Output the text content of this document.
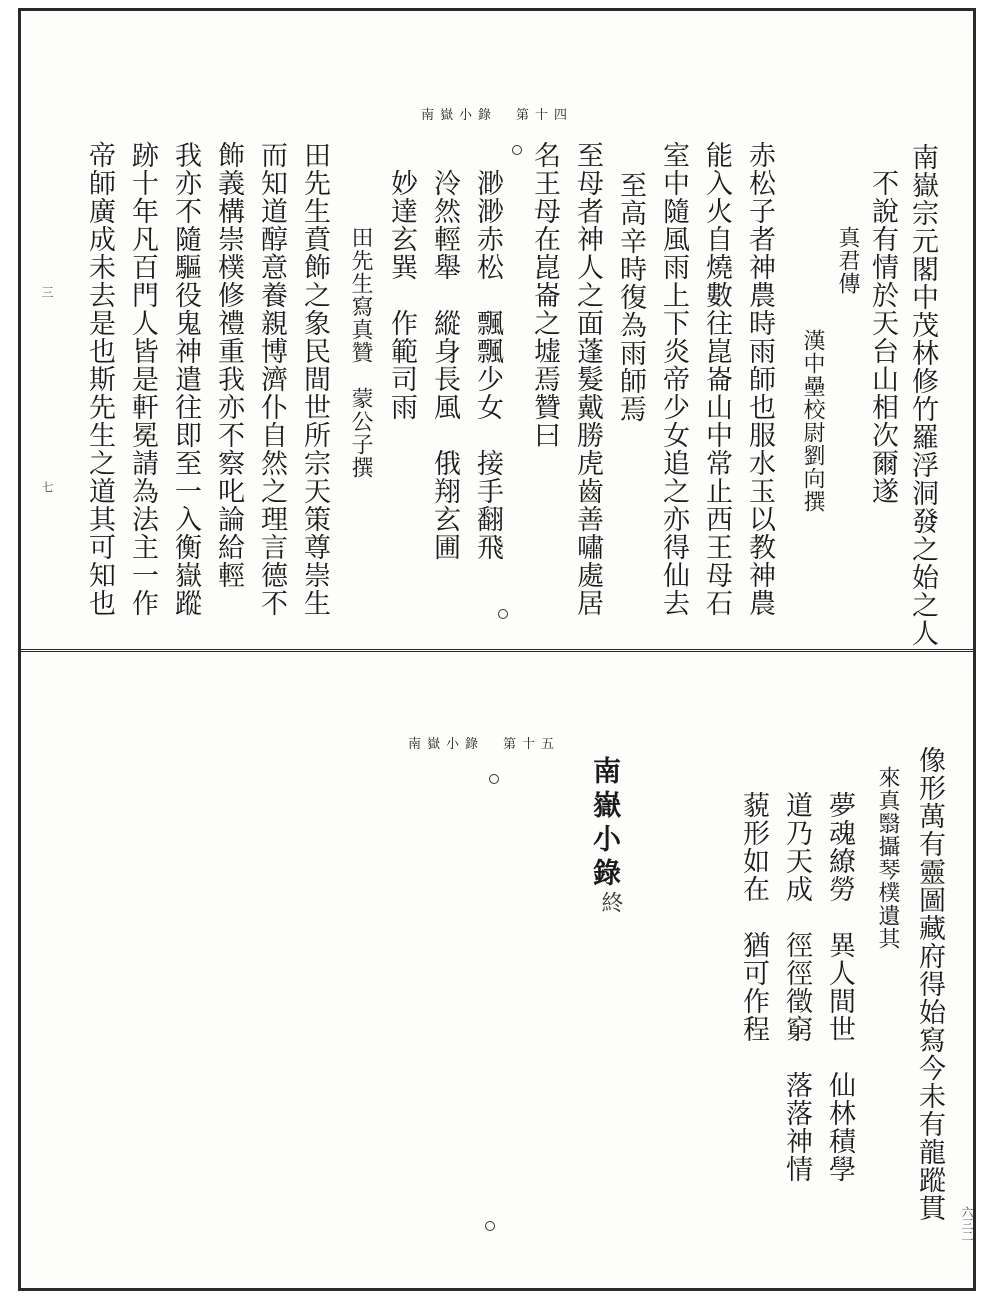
南嶽小錄　第十四
南嶽宗元閣中茂林修竹羅浮洞發之始之人
不說有情於天台山相次爾遂
真君傳
漢中壘校尉劉向撰
赤松子者神農時雨師也服水玉以教神農
能入火自燒數往崑崙山中常止西王母石
室中隨風雨上下炎帝少女追之亦得仙去
至高辛時復為雨師焉
至母者神人之面蓬髮戴勝虎齒善嘯處居
名王母在崑崙之墟焉贊曰
渺渺赤松　飄飄少女　接手翻飛
泠然輕舉　縱身長風　俄翔玄圃
妙達玄巽　作範司雨
田先生寫真贊　蒙公子撰
田先生賁飾之象民間世所宗天策尊崇生
而知道醇意養親博濟仆自然之理言德不
飾義構崇樸修禮重我亦不察叱論給輕
我亦不隨驅役鬼神遣往即至一入衡嶽蹤
跡十年凡百門人皆是軒冕請為法主一作
帝師廣成未去是也斯先生之道其可知也
三
七
南嶽小錄　第十五
像形萬有靈圖藏府得始寫今未有龍蹤貫
來真翳攝琴樸遺其
夢魂繚勞　異人間世　仙林積學
道乃天成　徑徑徵窮　落落神情
藐形如在　猶可作程
南嶽小錄
終
六三二
